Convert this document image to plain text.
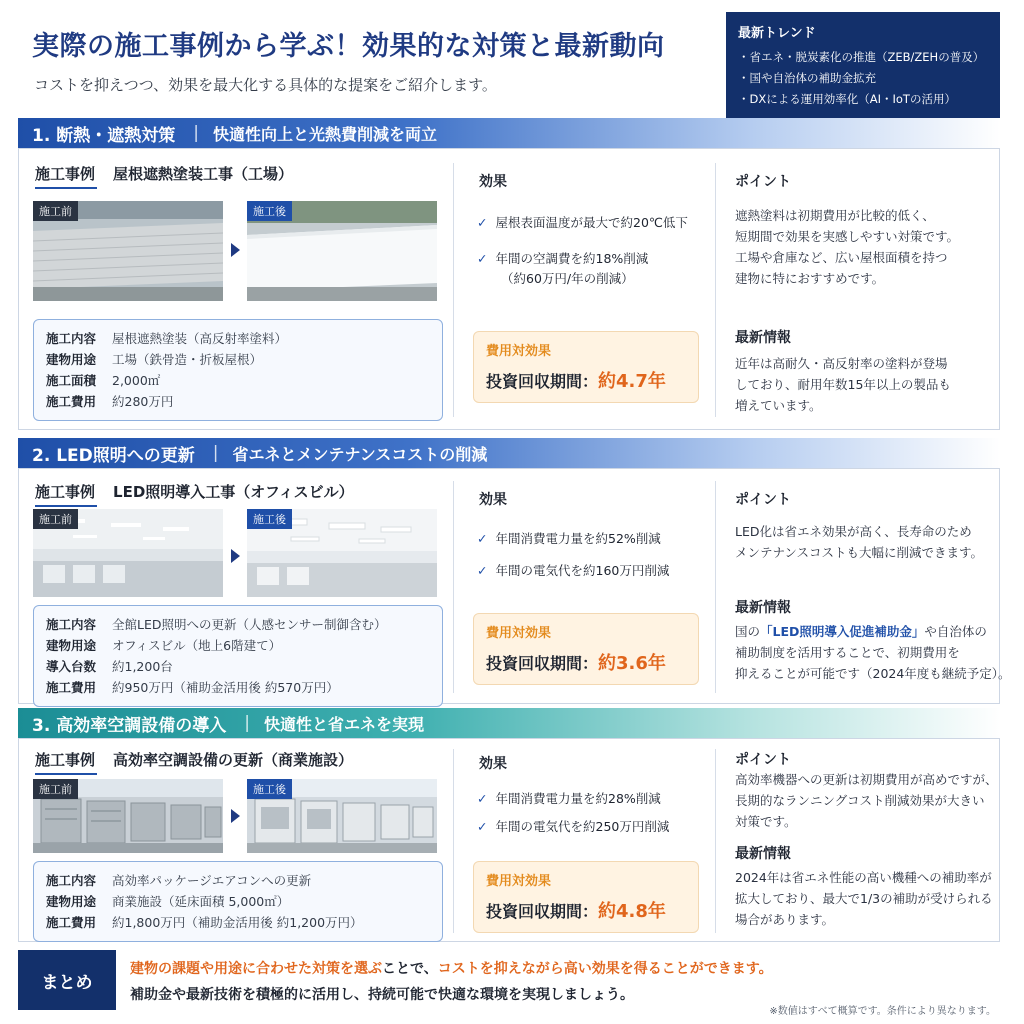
実際の施工事例から学ぶ！効果的な対策と最新動向
コストを抑えつつ、効果を最大化する具体的な提案をご紹介します。
最新トレンド
・省エネ・脱炭素化の推進（ZEB/ZEHの普及）
・国や自治体の補助金拡充
・DXによる運用効率化（AI・IoTの活用）
1. 断熱・遮熱対策	| 快適性向上と光熱費削減を両立
施工事例 屋根遮熱塗装工事（工場）
施工前	施工後
施工内容	屋根遮熱塗装（高反射率塗料）
建物用途	工場（鉄骨造・折板屋根）
施工面積	2,000㎡
施工費用	約280万円
効果
✓ 屋根表面温度が最大で約20℃低下
✓ 年間の空調費を約18%削減
（約60万円/年の削減）
費用対効果
投資回収期間：約4.7年
ポイント
遮熱塗料は初期費用が比較的低く、
短期間で効果を実感しやすい対策です。
工場や倉庫など、広い屋根面積を持つ
建物に特におすすめです。
最新情報
近年は高耐久・高反射率の塗料が登場
しており、耐用年数15年以上の製品も
増えています。
2. LED照明への更新	| 省エネとメンテナンスコストの削減
施工事例 LED照明導入工事（オフィスビル）
施工前	施工後
施工内容	全館LED照明への更新（人感センサー制御含む）
建物用途	オフィスビル（地上6階建て）
導入台数	約1,200台
施工費用	約950万円（補助金活用後 約570万円）
効果
✓ 年間消費電力量を約52%削減
✓ 年間の電気代を約160万円削減
費用対効果
投資回収期間：約3.6年
ポイント
LED化は省エネ効果が高く、長寿命のため
メンテナンスコストも大幅に削減できます。
最新情報
国の「LED照明導入促進補助金」や自治体の
補助制度を活用することで、初期費用を
抑えることが可能です（2024年度も継続予定）。
3. 高効率空調設備の導入	| 快適性と省エネを実現
施工事例 高効率空調設備の更新（商業施設）
施工前	施工後
施工内容	高効率パッケージエアコンへの更新
建物用途	商業施設（延床面積 5,000㎡）
施工費用	約1,800万円（補助金活用後 約1,200万円）
効果
✓ 年間消費電力量を約28%削減
✓ 年間の電気代を約250万円削減
費用対効果
投資回収期間：約4.8年
ポイント
高効率機器への更新は初期費用が高めですが、
長期的なランニングコスト削減効果が大きい
対策です。
最新情報
2024年は省エネ性能の高い機種への補助率が
拡大しており、最大で1/3の補助が受けられる
場合があります。
まとめ
建物の課題や用途に合わせた対策を選ぶことで、コストを抑えながら高い効果を得ることができます。
補助金や最新技術を積極的に活用し、持続可能で快適な環境を実現しましょう。
※数値はすべて概算です。条件により異なります。
